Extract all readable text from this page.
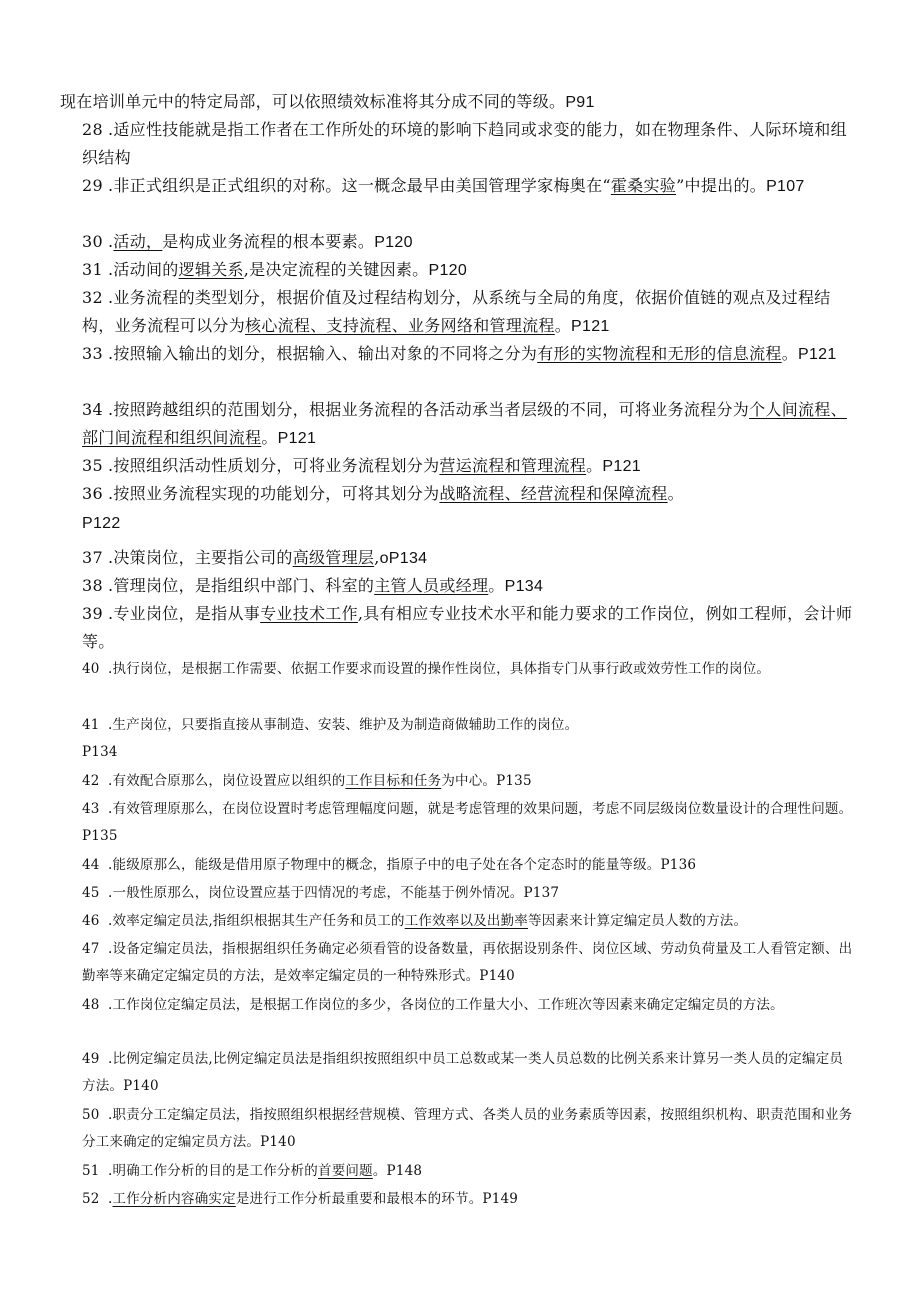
现在培训单元中的特定局部，可以依照绩效标准将其分成不同的等级。P91
28 .适应性技能就是指工作者在工作所处的环境的影响下趋同或求变的能力，如在物理条件、人际环境和组织结构
29 .非正式组织是正式组织的对称。这一概念最早由美国管理学家梅奥在“霍桑实验”中提出的。P107
30 .活动，是构成业务流程的根本要素。P120
31 .活动间的逻辑关系,是决定流程的关键因素。P120
32 .业务流程的类型划分，根据价值及过程结构划分，从系统与全局的角度，依据价值链的观点及过程结构，业务流程可以分为核心流程、支持流程、业务网络和管理流程。P121
33 .按照输入输出的划分，根据输入、输出对象的不同将之分为有形的实物流程和无形的信息流程。P121
34 .按照跨越组织的范围划分，根据业务流程的各活动承当者层级的不同，可将业务流程分为个人间流程、部门间流程和组织间流程。P121
35 .按照组织活动性质划分，可将业务流程划分为营运流程和管理流程。P121
36 .按照业务流程实现的功能划分，可将其划分为战略流程、经营流程和保障流程。
P122
37 .决策岗位，主要指公司的高级管理层,oP134
38 .管理岗位，是指组织中部门、科室的主管人员或经理。P134
39 .专业岗位，是指从事专业技术工作,具有相应专业技术水平和能力要求的工作岗位，例如工程师，会计师等。
40 .执行岗位，是根据工作需要、依据工作要求而设置的操作性岗位，具体指专门从事行政或效劳性工作的岗位。
41 .生产岗位，只要指直接从事制造、安装、维护及为制造商做辅助工作的岗位。
P134
42 .有效配合原那么，岗位设置应以组织的工作目标和任务为中心。P135
43 .有效管理原那么，在岗位设置时考虑管理幅度问题，就是考虑管理的效果问题，考虑不同层级岗位数量设计的合理性问题。P135
44 .能级原那么，能级是借用原子物理中的概念，指原子中的电子处在各个定态时的能量等级。P136
45 .一般性原那么，岗位设置应基于四情况的考虑，不能基于例外情况。P137
46 .效率定编定员法,指组织根据其生产任务和员工的工作效率以及出勤率等因素来计算定编定员人数的方法。
47 .设备定编定员法，指根据组织任务确定必须看管的设备数量，再依据设别条件、岗位区域、劳动负荷量及工人看管定额、出勤率等来确定定编定员的方法，是效率定编定员的一种特殊形式。P140
48 .工作岗位定编定员法，是根据工作岗位的多少，各岗位的工作量大小、工作班次等因素来确定定编定员的方法。
49 .比例定编定员法,比例定编定员法是指组织按照组织中员工总数或某一类人员总数的比例关系来计算另一类人员的定编定员方法。P140
50 .职责分工定编定员法，指按照组织根据经营规模、管理方式、各类人员的业务素质等因素，按照组织机构、职责范围和业务分工来确定的定编定员方法。P140
51 .明确工作分析的目的是工作分析的首要问题。P148
52 .工作分析内容确实定是进行工作分析最重要和最根本的环节。P149
